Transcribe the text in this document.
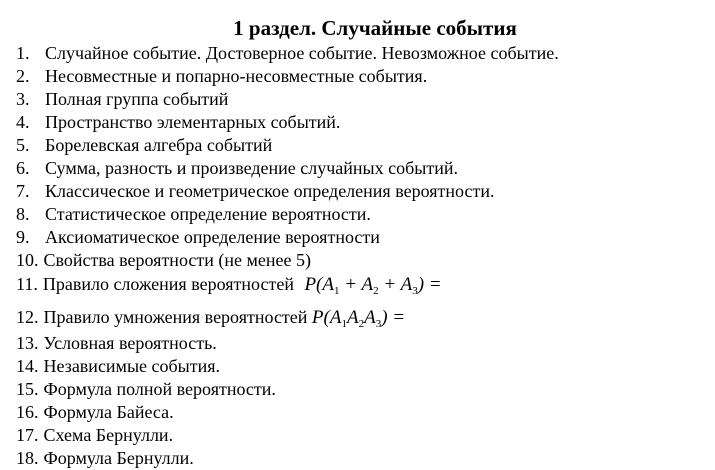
1 раздел. Случайные события
1. Случайное событие. Достоверное событие. Невозможное событие.
2. Несовместные и попарно-несовместные события.
3. Полная группа событий
4. Пространство элементарных событий.
5. Борелевская алгебра событий
6. Сумма, разность и произведение случайных событий.
7. Классическое и геометрическое определения вероятности.
8. Статистическое определение вероятности.
9. Аксиоматическое определение вероятности
10. Свойства вероятности (не менее 5)
11. Правило сложения вероятностей $P(A_1 + A_2 + A_3)$ =
12. Правило умножения вероятностей $P(A_1A_2A_3)$ =
13. Условная вероятность.
14. Независимые события.
15. Формула полной вероятности.
16. Формула Байеса.
17. Схема Бернулли.
18. Формула Бернулли.
